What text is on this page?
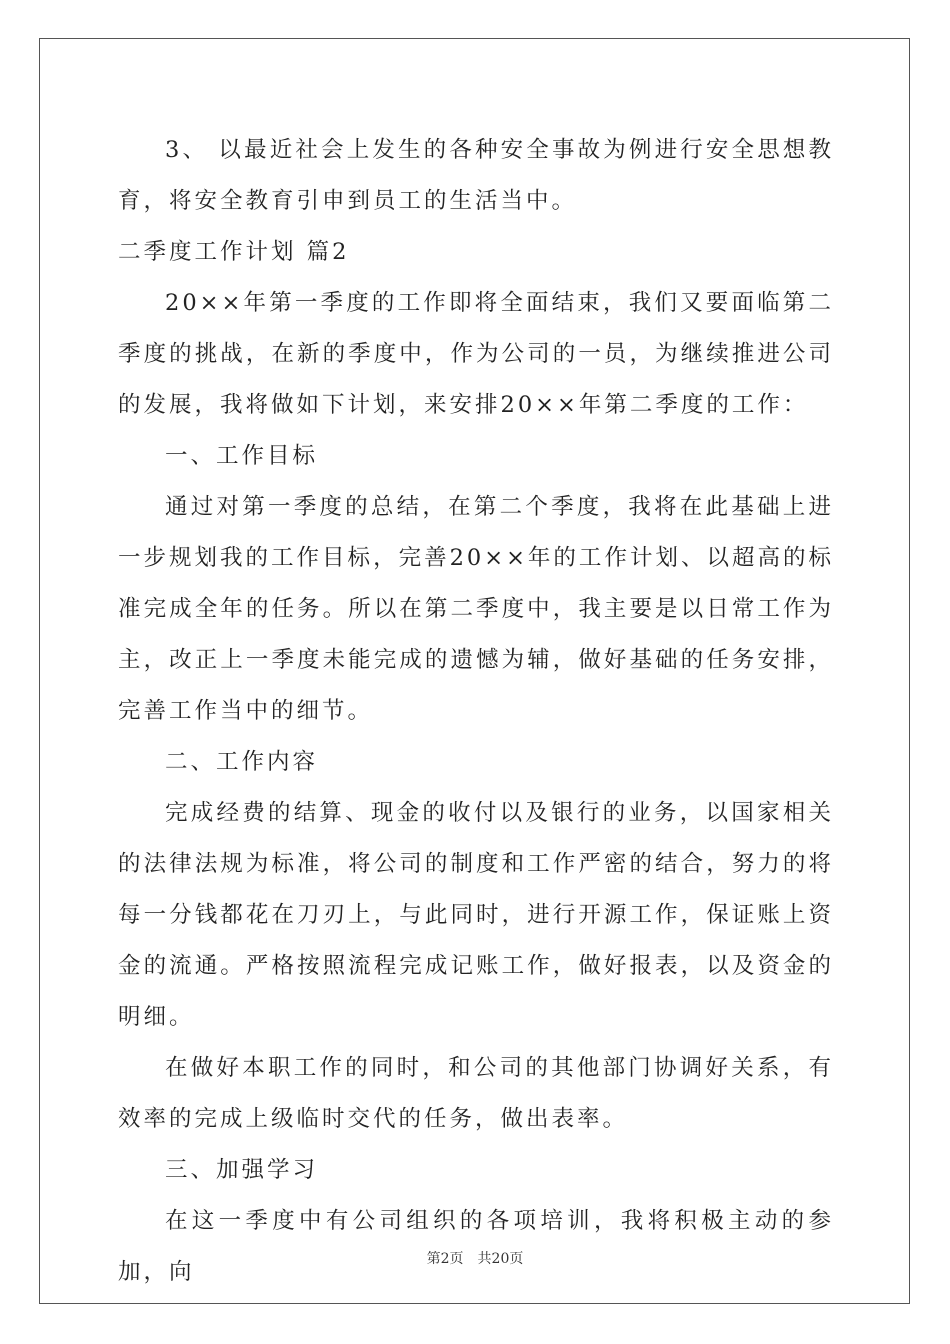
3、 以最近社会上发生的各种安全事故为例进行安全思想教育，将安全教育引申到员工的生活当中。

二季度工作计划 篇2

20××年第一季度的工作即将全面结束，我们又要面临第二季度的挑战，在新的季度中，作为公司的一员，为继续推进公司的发展，我将做如下计划，来安排20××年第二季度的工作：

一、工作目标

通过对第一季度的总结，在第二个季度，我将在此基础上进一步规划我的工作目标，完善20××年的工作计划、以超高的标准完成全年的任务。所以在第二季度中，我主要是以日常工作为主，改正上一季度未能完成的遗憾为辅，做好基础的任务安排，完善工作当中的细节。

二、工作内容

完成经费的结算、现金的收付以及银行的业务，以国家相关的法律法规为标准，将公司的制度和工作严密的结合，努力的将每一分钱都花在刀刃上，与此同时，进行开源工作，保证账上资金的流通。严格按照流程完成记账工作，做好报表，以及资金的明细。

在做好本职工作的同时，和公司的其他部门协调好关系，有效率的完成上级临时交代的任务，做出表率。

三、加强学习

在这一季度中有公司组织的各项培训，我将积极主动的参加，向	第2页 共20页
